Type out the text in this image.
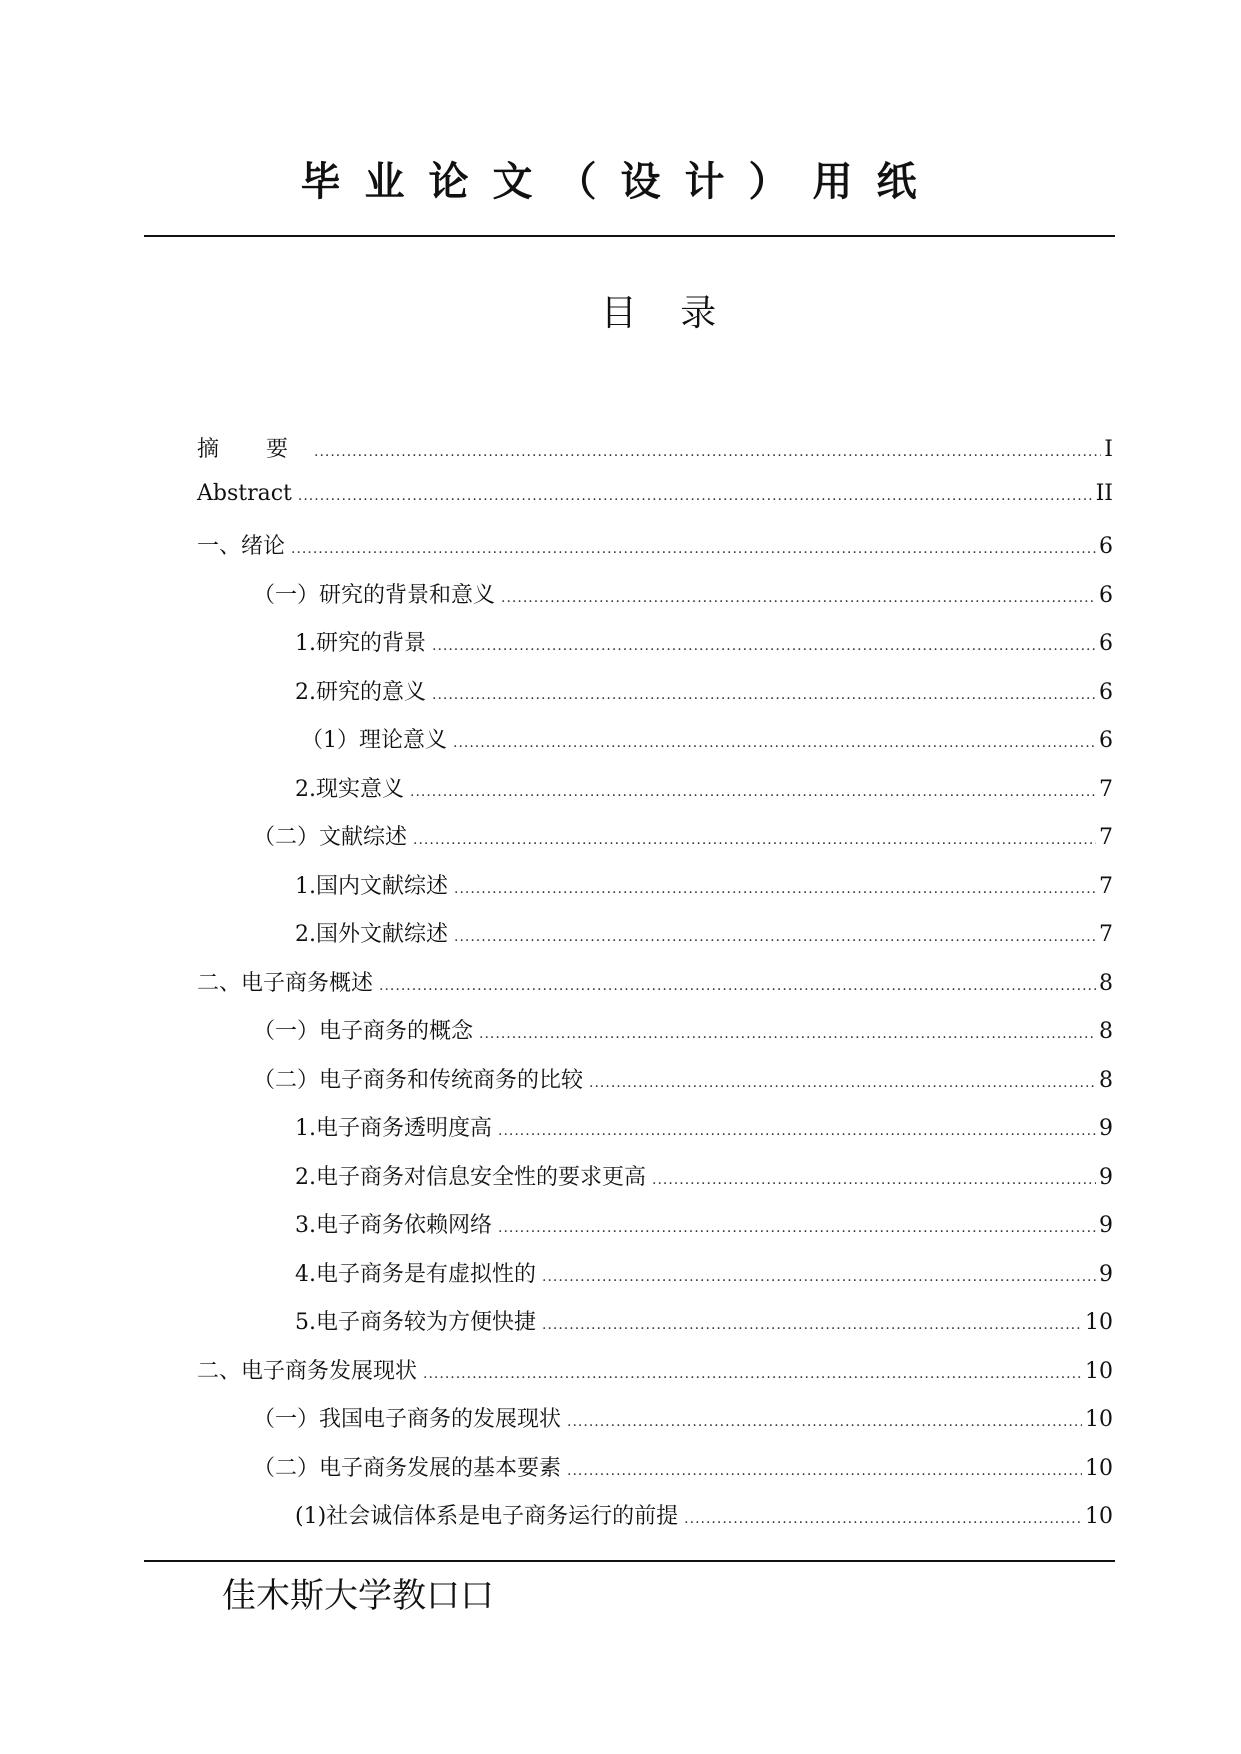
毕业论文（设计）用纸
目 录
摘 要 .....	I
Abstract .....	II
一、绪论 .....	6
（一）研究的背景和意义 .....	6
1.研究的背景 .....	6
2.研究的意义 .....	6
（1）理论意义 .....	6
2.现实意义 .....	7
（二）文献综述 .....	7
1.国内文献综述 .....	7
2.国外文献综述 .....	7
二、电子商务概述 .....	8
（一）电子商务的概念 .....	8
（二）电子商务和传统商务的比较 .....	8
1.电子商务透明度高 .....	9
2.电子商务对信息安全性的要求更高 .....	9
3.电子商务依赖网络 .....	9
4.电子商务是有虚拟性的 .....	9
5.电子商务较为方便快捷 .....	10
二、电子商务发展现状 .....	10
（一）我国电子商务的发展现状 .....	10
（二）电子商务发展的基本要素 .....	10
(1)社会诚信体系是电子商务运行的前提 .....	10
佳木斯大学教口口
